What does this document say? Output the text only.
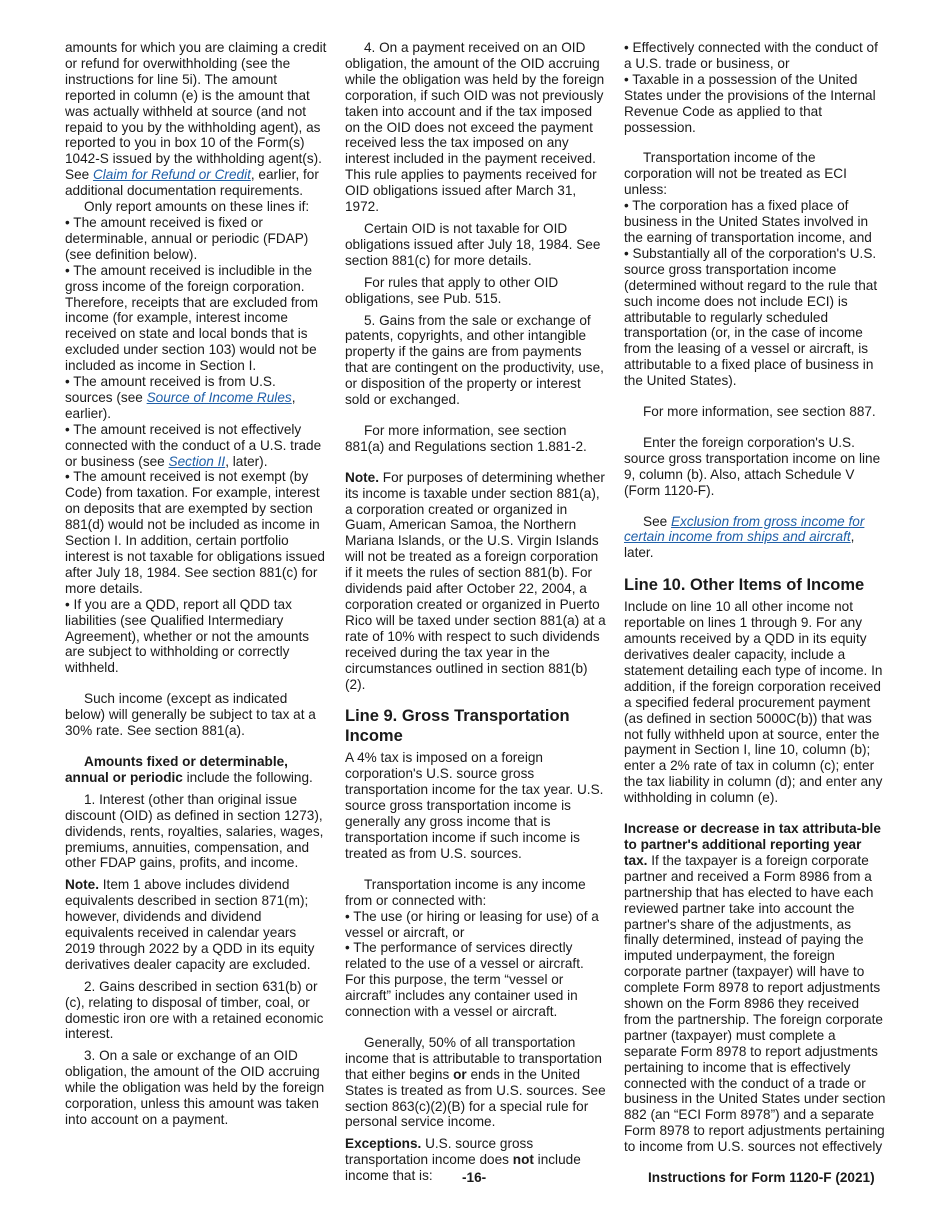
amounts for which you are claiming a credit or refund for overwithholding (see the instructions for line 5i). The amount reported in column (e) is the amount that was actually withheld at source (and not repaid to you by the withholding agent), as reported to you in box 10 of the Form(s) 1042-S issued by the withholding agent(s). See Claim for Refund or Credit, earlier, for additional documentation requirements.

Only report amounts on these lines if:

• The amount received is fixed or determinable, annual or periodic (FDAP) (see definition below).

• The amount received is includible in the gross income of the foreign corporation. Therefore, receipts that are excluded from income (for example, interest income received on state and local bonds that is excluded under section 103) would not be included as income in Section I.

• The amount received is from U.S. sources (see Source of Income Rules, earlier).

• The amount received is not effectively connected with the conduct of a U.S. trade or business (see Section II, later).

• The amount received is not exempt (by Code) from taxation. For example, interest on deposits that are exempted by section 881(d) would not be included as income in Section I. In addition, certain portfolio interest is not taxable for obligations issued after July 18, 1984. See section 881(c) for more details.

• If you are a QDD, report all QDD tax liabilities (see Qualified Intermediary Agreement), whether or not the amounts are subject to withholding or correctly withheld.

Such income (except as indicated below) will generally be subject to tax at a 30% rate. See section 881(a).

Amounts fixed or determinable, annual or periodic include the following.

1. Interest (other than original issue discount (OID) as defined in section 1273), dividends, rents, royalties, salaries, wages, premiums, annuities, compensation, and other FDAP gains, profits, and income.

Note. Item 1 above includes dividend equivalents described in section 871(m); however, dividends and dividend equivalents received in calendar years 2019 through 2022 by a QDD in its equity derivatives dealer capacity are excluded.

2. Gains described in section 631(b) or (c), relating to disposal of timber, coal, or domestic iron ore with a retained economic interest.

3. On a sale or exchange of an OID obligation, the amount of the OID accruing while the obligation was held by the foreign corporation, unless this amount was taken into account on a payment.

4. On a payment received on an OID obligation, the amount of the OID accruing while the obligation was held by the foreign corporation, if such OID was not previously taken into account and if the tax imposed on the OID does not exceed the payment received less the tax imposed on any interest included in the payment received. This rule applies to payments received for OID obligations issued after March 31, 1972.

Certain OID is not taxable for OID obligations issued after July 18, 1984. See section 881(c) for more details.

For rules that apply to other OID obligations, see Pub. 515.

5. Gains from the sale or exchange of patents, copyrights, and other intangible property if the gains are from payments that are contingent on the productivity, use, or disposition of the property or interest sold or exchanged.

For more information, see section 881(a) and Regulations section 1.881-2.

Note. For purposes of determining whether its income is taxable under section 881(a), a corporation created or organized in Guam, American Samoa, the Northern Mariana Islands, or the U.S. Virgin Islands will not be treated as a foreign corporation if it meets the rules of section 881(b). For dividends paid after October 22, 2004, a corporation created or organized in Puerto Rico will be taxed under section 881(a) at a rate of 10% with respect to such dividends received during the tax year in the circumstances outlined in section 881(b)(2).

Line 9. Gross Transportation Income

A 4% tax is imposed on a foreign corporation's U.S. source gross transportation income for the tax year. U.S. source gross transportation income is generally any gross income that is transportation income if such income is treated as from U.S. sources.

Transportation income is any income from or connected with:

• The use (or hiring or leasing for use) of a vessel or aircraft, or

• The performance of services directly related to the use of a vessel or aircraft. For this purpose, the term “vessel or aircraft” includes any container used in connection with a vessel or aircraft.

Generally, 50% of all transportation income that is attributable to transportation that either begins or ends in the United States is treated as from U.S. sources. See section 863(c)(2)(B) for a special rule for personal service income.

Exceptions. U.S. source gross transportation income does not include income that is:

• Effectively connected with the conduct of a U.S. trade or business, or

• Taxable in a possession of the United States under the provisions of the Internal Revenue Code as applied to that possession.

Transportation income of the corporation will not be treated as ECI unless:

• The corporation has a fixed place of business in the United States involved in the earning of transportation income, and

• Substantially all of the corporation's U.S. source gross transportation income (determined without regard to the rule that such income does not include ECI) is attributable to regularly scheduled transportation (or, in the case of income from the leasing of a vessel or aircraft, is attributable to a fixed place of business in the United States).

For more information, see section 887.

Enter the foreign corporation's U.S. source gross transportation income on line 9, column (b). Also, attach Schedule V (Form 1120-F).

See Exclusion from gross income for certain income from ships and aircraft, later.

Line 10. Other Items of Income

Include on line 10 all other income not reportable on lines 1 through 9. For any amounts received by a QDD in its equity derivatives dealer capacity, include a statement detailing each type of income. In addition, if the foreign corporation received a specified federal procurement payment (as defined in section 5000C(b)) that was not fully withheld upon at source, enter the payment in Section I, line 10, column (b); enter a 2% rate of tax in column (c); enter the tax liability in column (d); and enter any withholding in column (e).

Increase or decrease in tax attributa-ble to partner's additional reporting year tax. If the taxpayer is a foreign corporate partner and received a Form 8986 from a partnership that has elected to have each reviewed partner take into account the partner's share of the adjustments, as finally determined, instead of paying the imputed underpayment, the foreign corporate partner (taxpayer) will have to complete Form 8978 to report adjustments shown on the Form 8986 they received from the partnership. The foreign corporate partner (taxpayer) must complete a separate Form 8978 to report adjustments pertaining to income that is effectively connected with the conduct of a trade or business in the United States under section 882 (an “ECI Form 8978”) and a separate Form 8978 to report adjustments pertaining to income from U.S. sources not effectively

-16-	Instructions for Form 1120-F (2021)
